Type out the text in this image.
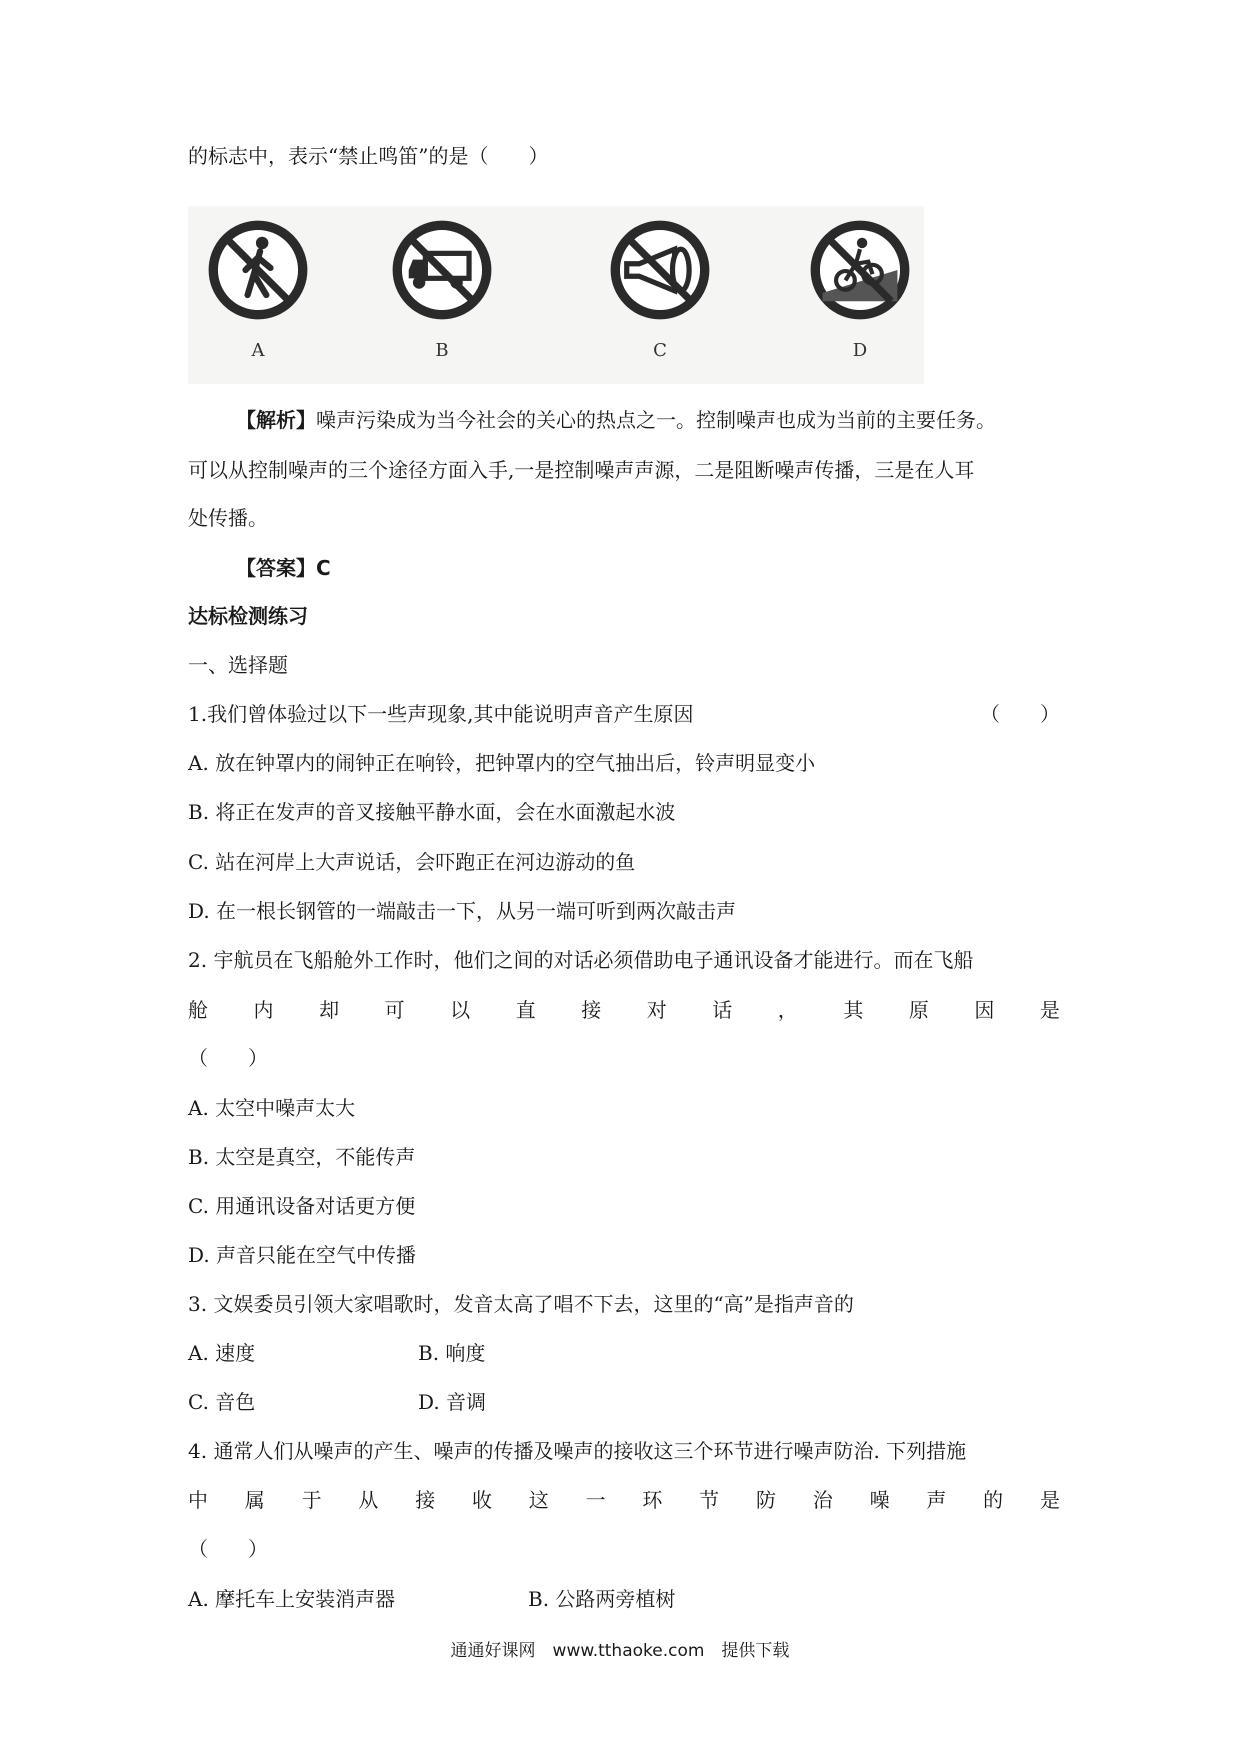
的标志中，表示“禁止鸣笛”的是（　　）
A	B	C	D
【解析】噪声污染成为当今社会的关心的热点之一。控制噪声也成为当前的主要任务。
可以从控制噪声的三个途径方面入手,一是控制噪声声源，二是阻断噪声传播，三是在人耳
处传播。
【答案】C
达标检测练习
一、选择题
1.我们曾体验过以下一些声现象,其中能说明声音产生原因	（　　）
A. 放在钟罩内的闹钟正在响铃，把钟罩内的空气抽出后，铃声明显变小
B. 将正在发声的音叉接触平静水面，会在水面激起水波
C. 站在河岸上大声说话，会吓跑正在河边游动的鱼
D. 在一根长钢管的一端敲击一下，从另一端可听到两次敲击声
2. 宇航员在飞船舱外工作时，他们之间的对话必须借助电子通讯设备才能进行。而在飞船
舱 内 却 可 以 直 接 对 话 ， 其 原 因 是
（　　）
A. 太空中噪声太大
B. 太空是真空，不能传声
C. 用通讯设备对话更方便
D. 声音只能在空气中传播
3. 文娱委员引领大家唱歌时，发音太高了唱不下去，这里的“高”是指声音的
A. 速度	B. 响度
C. 音色	D. 音调
4. 通常人们从噪声的产生、噪声的传播及噪声的接收这三个环节进行噪声防治. 下列措施
中 属 于 从 接 收 这 一 环 节 防 治 噪 声 的 是
（　　）
A. 摩托车上安装消声器	B. 公路两旁植树
通通好课网　www.tthaoke.com　提供下载
